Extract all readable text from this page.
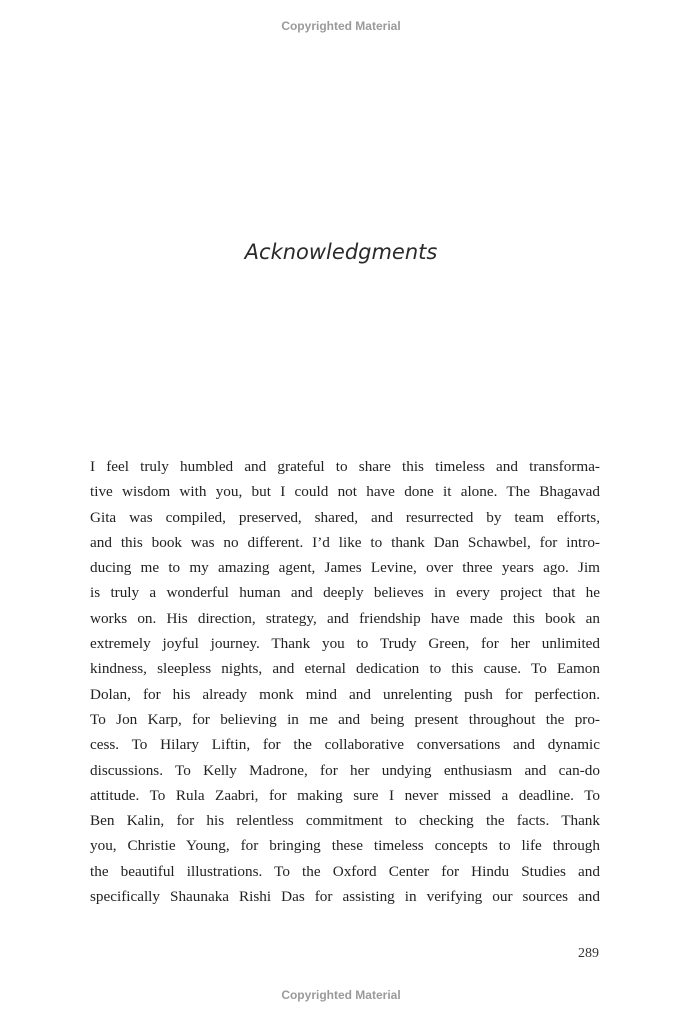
Copyrighted Material
Acknowledgments
I feel truly humbled and grateful to share this timeless and transforma-
tive wisdom with you, but I could not have done it alone. The Bhagavad
Gita was compiled, preserved, shared, and resurrected by team efforts,
and this book was no different. I’d like to thank Dan Schawbel, for intro-
ducing me to my amazing agent, James Levine, over three years ago. Jim
is truly a wonderful human and deeply believes in every project that he
works on. His direction, strategy, and friendship have made this book an
extremely joyful journey. Thank you to Trudy Green, for her unlimited
kindness, sleepless nights, and eternal dedication to this cause. To Eamon
Dolan, for his already monk mind and unrelenting push for perfection.
To Jon Karp, for believing in me and being present throughout the pro-
cess. To Hilary Liftin, for the collaborative conversations and dynamic
discussions. To Kelly Madrone, for her undying enthusiasm and can-do
attitude. To Rula Zaabri, for making sure I never missed a deadline. To
Ben Kalin, for his relentless commitment to checking the facts. Thank
you, Christie Young, for bringing these timeless concepts to life through
the beautiful illustrations. To the Oxford Center for Hindu Studies and
specifically Shaunaka Rishi Das for assisting in verifying our sources and
289
Copyrighted Material
